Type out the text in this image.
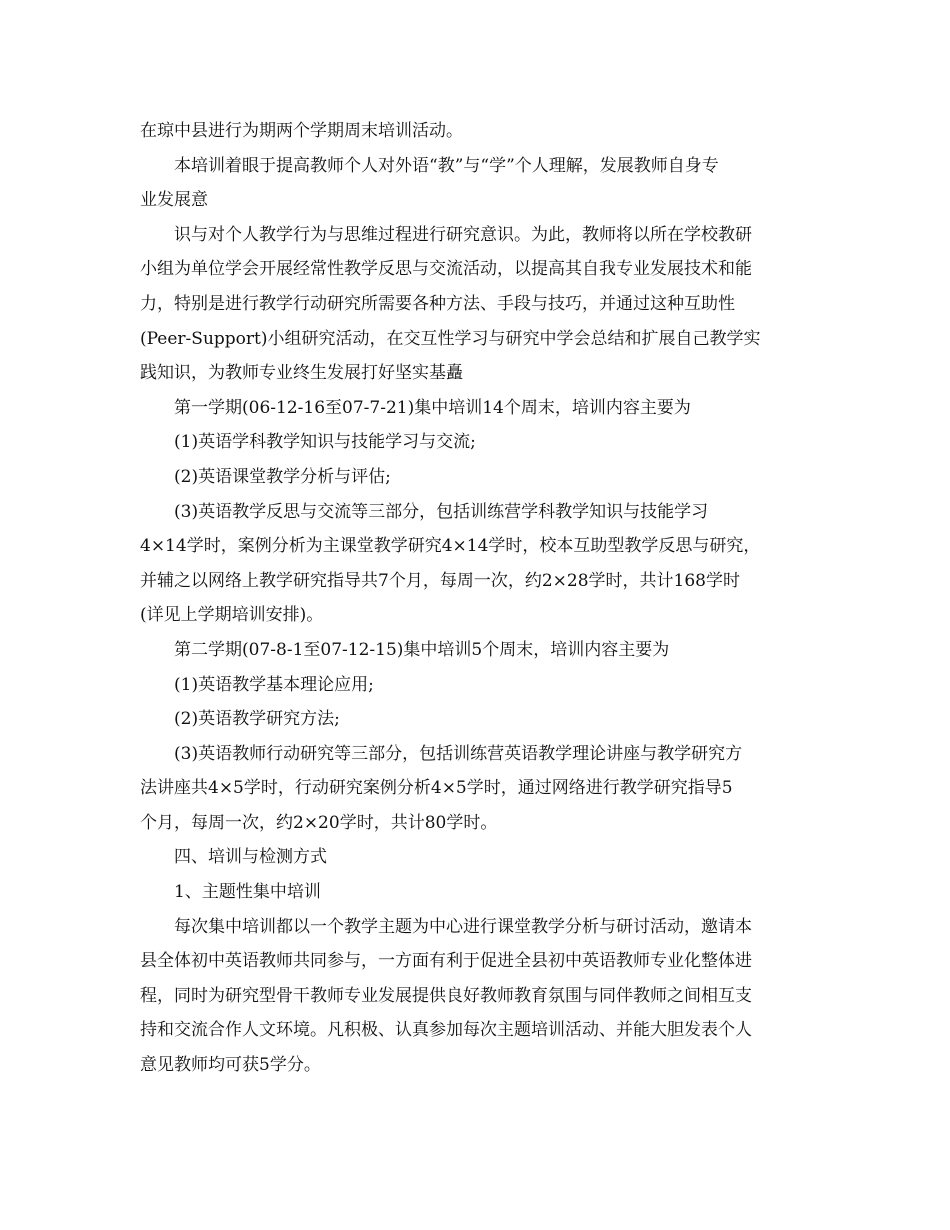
在琼中县进行为期两个学期周末培训活动。
本培训着眼于提高教师个人对外语“教”与“学”个人理解，发展教师自身专
业发展意
识与对个人教学行为与思维过程进行研究意识。为此，教师将以所在学校教研
小组为单位学会开展经常性教学反思与交流活动，以提高其自我专业发展技术和能
力，特别是进行教学行动研究所需要各种方法、手段与技巧，并通过这种互助性
(Peer-Support)小组研究活动，在交互性学习与研究中学会总结和扩展自己教学实
践知识，为教师专业终生发展打好坚实基矗
第一学期(06-12-16至07-7-21)集中培训14个周末，培训内容主要为
(1)英语学科教学知识与技能学习与交流;
(2)英语课堂教学分析与评估;
(3)英语教学反思与交流等三部分，包括训练营学科教学知识与技能学习
4×14学时，案例分析为主课堂教学研究4×14学时，校本互助型教学反思与研究，
并辅之以网络上教学研究指导共7个月，每周一次，约2×28学时，共计168学时
(详见上学期培训安排)。
第二学期(07-8-1至07-12-15)集中培训5个周末，培训内容主要为
(1)英语教学基本理论应用;
(2)英语教学研究方法;
(3)英语教师行动研究等三部分，包括训练营英语教学理论讲座与教学研究方
法讲座共4×5学时，行动研究案例分析4×5学时，通过网络进行教学研究指导5
个月，每周一次，约2×20学时，共计80学时。
四、培训与检测方式
1、主题性集中培训
每次集中培训都以一个教学主题为中心进行课堂教学分析与研讨活动，邀请本
县全体初中英语教师共同参与，一方面有利于促进全县初中英语教师专业化整体进
程，同时为研究型骨干教师专业发展提供良好教师教育氛围与同伴教师之间相互支
持和交流合作人文环境。凡积极、认真参加每次主题培训活动、并能大胆发表个人
意见教师均可获5学分。
